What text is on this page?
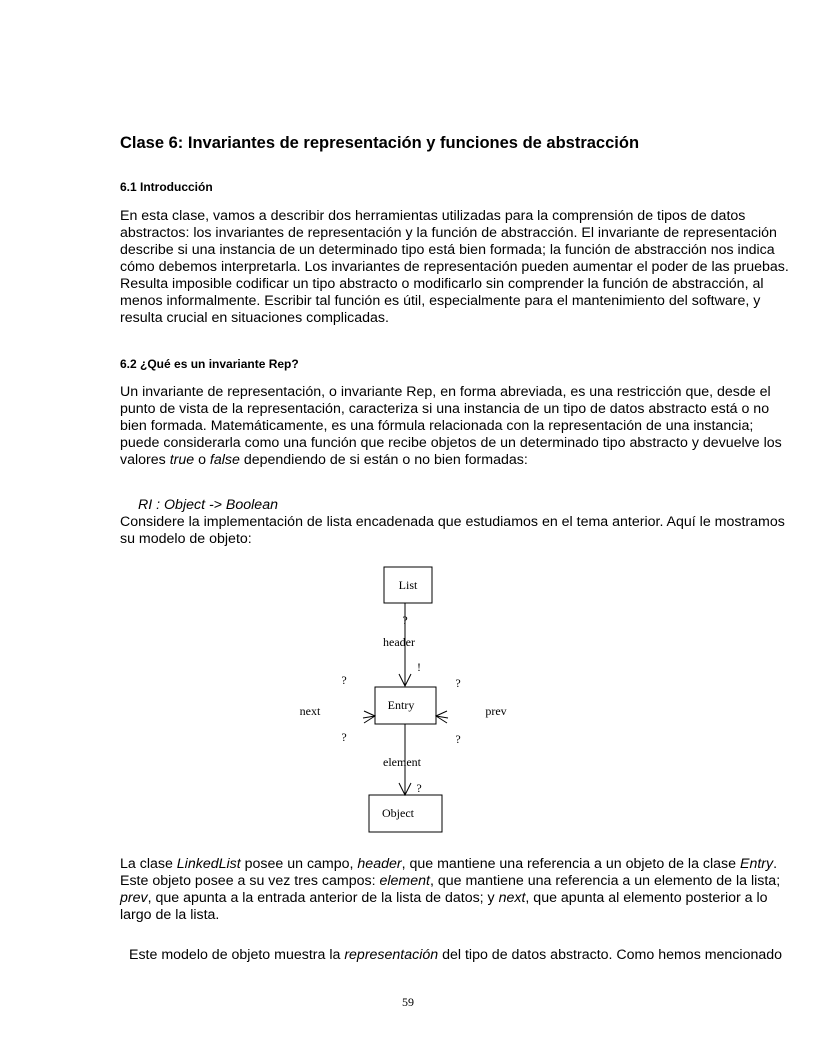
Clase 6: Invariantes de representación y funciones de abstracción
6.1 Introducción
En esta clase, vamos a describir dos herramientas utilizadas para la comprensión de tipos de datos
abstractos: los invariantes de representación y la función de abstracción. El invariante de representación
describe si una instancia de un determinado tipo está bien formada; la función de abstracción nos indica
cómo debemos interpretarla. Los invariantes de representación pueden aumentar el poder de las pruebas.
Resulta imposible codificar un tipo abstracto o modificarlo sin comprender la función de abstracción, al
menos informalmente. Escribir tal función es útil, especialmente para el mantenimiento del software, y
resulta crucial en situaciones complicadas.
6.2 ¿Qué es un invariante Rep?
Un invariante de representación, o invariante Rep, en forma abreviada, es una restricción que, desde el
punto de vista de la representación, caracteriza si una instancia de un tipo de datos abstracto está o no
bien formada. Matemáticamente, es una fórmula relacionada con la representación de una instancia;
puede considerarla como una función que recibe objetos de un determinado tipo abstracto y devuelve los
valores true o false dependiendo de si están o no bien formadas:
RI : Object -> Boolean
Considere la implementación de lista encadenada que estudiamos en el tema anterior. Aquí le mostramos
su modelo de objeto:
List
?
header
!
Entry
next
?
?
prev
?
?
element
?
Object
La clase LinkedList posee un campo, header, que mantiene una referencia a un objeto de la clase Entry.
Este objeto posee a su vez tres campos: element, que mantiene una referencia a un elemento de la lista;
prev, que apunta a la entrada anterior de la lista de datos; y next, que apunta al elemento posterior a lo
largo de la lista.
Este modelo de objeto muestra la representación del tipo de datos abstracto. Como hemos mencionado
59
